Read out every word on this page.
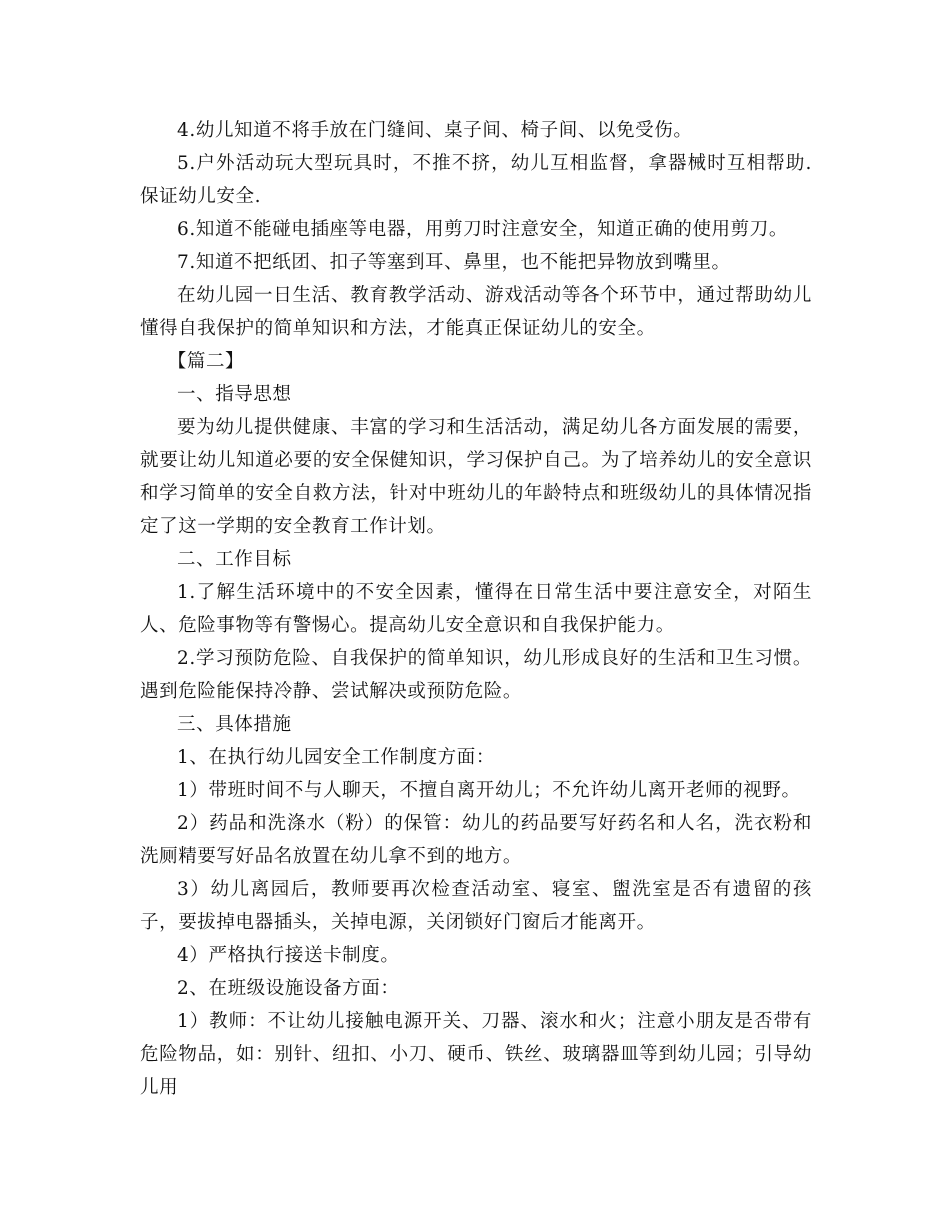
4.幼儿知道不将手放在门缝间、桌子间、椅子间、以免受伤。

5.户外活动玩大型玩具时，不推不挤，幼儿互相监督，拿器械时互相帮助.保证幼儿安全.

6.知道不能碰电插座等电器，用剪刀时注意安全，知道正确的使用剪刀。

7.知道不把纸团、扣子等塞到耳、鼻里，也不能把异物放到嘴里。

在幼儿园一日生活、教育教学活动、游戏活动等各个环节中，通过帮助幼儿懂得自我保护的简单知识和方法，才能真正保证幼儿的安全。

【篇二】

一、指导思想

要为幼儿提供健康、丰富的学习和生活活动，满足幼儿各方面发展的需要，就要让幼儿知道必要的安全保健知识，学习保护自己。为了培养幼儿的安全意识和学习简单的安全自救方法，针对中班幼儿的年龄特点和班级幼儿的具体情况指定了这一学期的安全教育工作计划。

二、工作目标

1.了解生活环境中的不安全因素，懂得在日常生活中要注意安全，对陌生人、危险事物等有警惕心。提高幼儿安全意识和自我保护能力。

2.学习预防危险、自我保护的简单知识，幼儿形成良好的生活和卫生习惯。遇到危险能保持冷静、尝试解决或预防危险。

三、具体措施

1、在执行幼儿园安全工作制度方面：

1）带班时间不与人聊天，不擅自离开幼儿；不允许幼儿离开老师的视野。

2）药品和洗涤水（粉）的保管：幼儿的药品要写好药名和人名，洗衣粉和洗厕精要写好品名放置在幼儿拿不到的地方。

3）幼儿离园后，教师要再次检查活动室、寝室、盥洗室是否有遗留的孩子，要拔掉电器插头，关掉电源，关闭锁好门窗后才能离开。

4）严格执行接送卡制度。

2、在班级设施设备方面：

1）教师：不让幼儿接触电源开关、刀器、滚水和火；注意小朋友是否带有危险物品，如：别针、纽扣、小刀、硬币、铁丝、玻璃器皿等到幼儿园；引导幼儿用
